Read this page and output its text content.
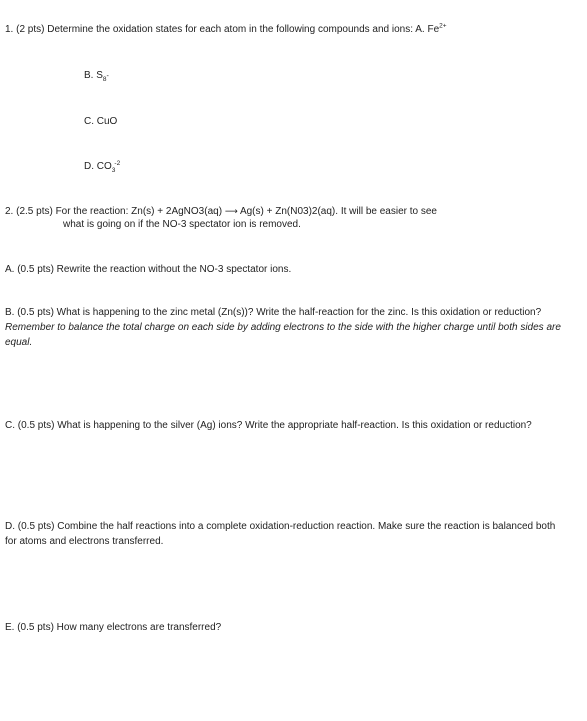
1. (2 pts) Determine the oxidation states for each atom in the following compounds and ions: A. $Fe^{2+}$
B. $S_8-$
C. CuO
D. $CO_3^{-2}$
2. (2.5 pts) For the reaction: Zn(s) + 2AgNO3(aq) ⟶ Ag(s) + Zn(N03)2(aq). It will be easier to see
what is going on if the NO-3 spectator ion is removed.
A. (0.5 pts) Rewrite the reaction without the NO-3 spectator ions.
B. (0.5 pts) What is happening to the zinc metal (Zn(s))? Write the half-reaction for the zinc. Is this oxidation or reduction? Remember to balance the total charge on each side by adding electrons to the side with the higher charge until both sides are equal.
C. (0.5 pts) What is happening to the silver (Ag) ions? Write the appropriate half-reaction. Is this oxidation or reduction?
D. (0.5 pts) Combine the half reactions into a complete oxidation-reduction reaction. Make sure the reaction is balanced both for atoms and electrons transferred.
E. (0.5 pts) How many electrons are transferred?
